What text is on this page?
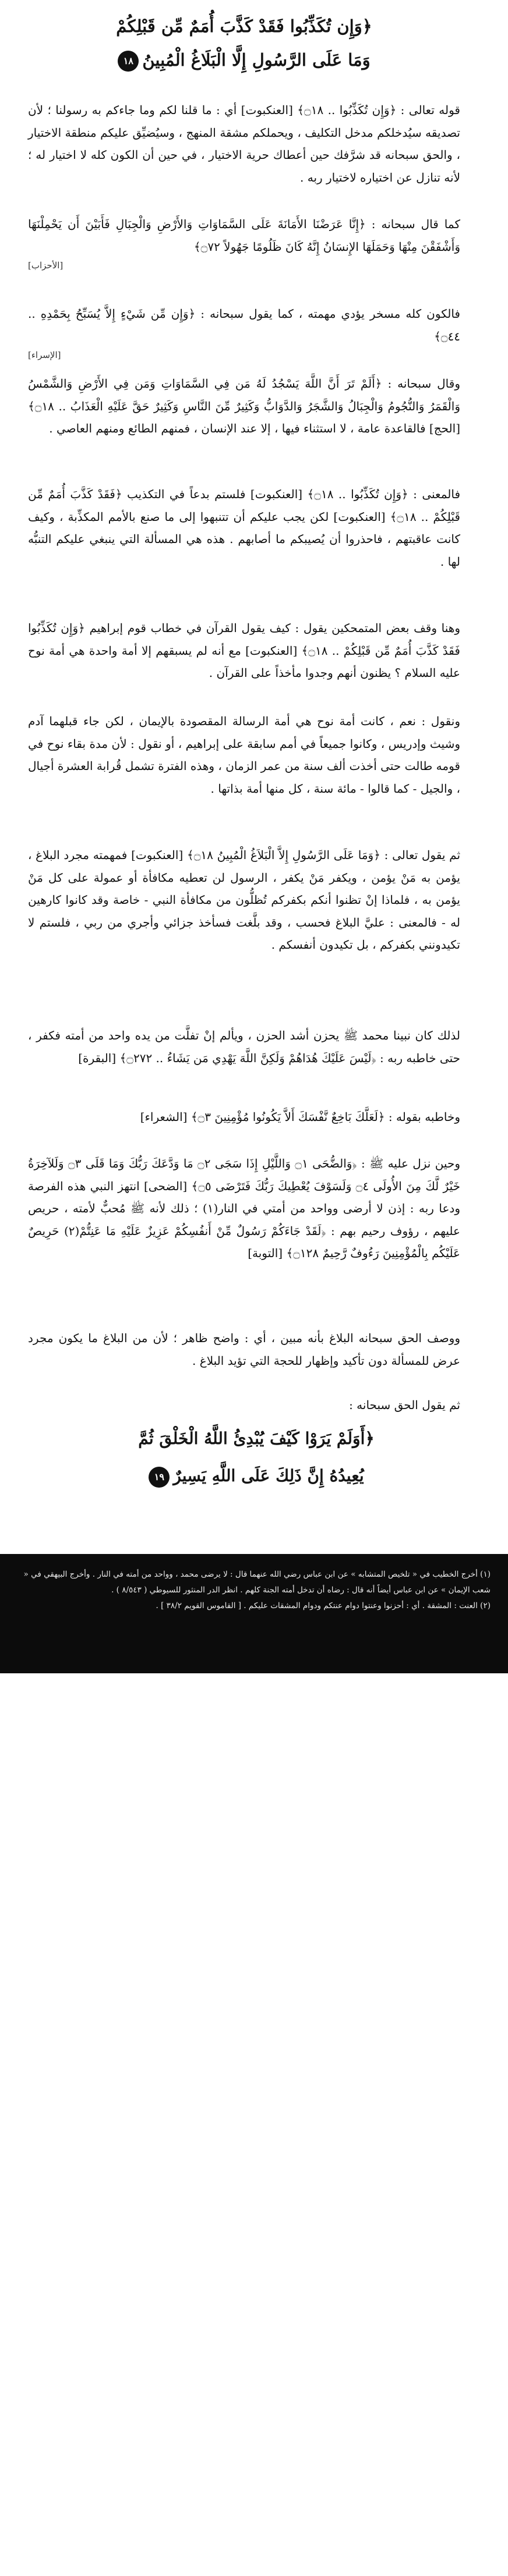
﴿وَإِن تُكَذِّبُوا فَقَدْ كَذَّبَ أُمَمٌ مِّن قَبْلِكُمْ
وَمَا عَلَى الرَّسُولِ إِلَّا الْبَلَاغُ الْمُبِينُ١٨

قوله تعالى : ﴿وَإِن تُكَذِّبُوا .. ۝١٨﴾ [العنكبوت] أي : ما قلنا لكم وما جاءكم به رسولنا ؛ لأن تصديقه سيُدخلكم مدخل التكليف ، ويحملكم مشقة المنهج ، وسيُضيِّق عليكم منطقة الاختيار ، والحق سبحانه قد شرَّفك حين أعطاك حرية الاختيار ، في حين أن الكون كله لا اختيار له ؛ لأنه تنازل عن اختياره لاختيار ربه .

كما قال سبحانه : ﴿إِنَّا عَرَضْنَا الأَمَانَةَ عَلَى السَّمَاوَاتِ وَالأَرْضِ وَالْجِبَالِ فَأَبَيْنَ أَن يَحْمِلْنَهَا وَأَشْفَقْنَ مِنْهَا وَحَمَلَهَا الإِنسَانُ إِنَّهُ كَانَ ظَلُومًا جَهُولاً ۝٧٢﴾

[الأحزاب]

فالكون كله مسخر يؤدي مهمته ، كما يقول سبحانه : ﴿وَإِن مِّن شَيْءٍ إِلاَّ يُسَبِّحُ بِحَمْدِهِ .. ۝٤٤﴾

[الإسراء]

وقال سبحانه : ﴿أَلَمْ تَرَ أَنَّ اللَّهَ يَسْجُدُ لَهُ مَن فِي السَّمَاوَاتِ وَمَن فِي الأَرْضِ وَالشَّمْسُ وَالْقَمَرُ وَالنُّجُومُ وَالْجِبَالُ وَالشَّجَرُ وَالدَّوَابُّ وَكَثِيرٌ مِّنَ النَّاسِ وَكَثِيرٌ حَقَّ عَلَيْهِ الْعَذَابُ .. ۝١٨﴾ [الحج] فالقاعدة عامة ، لا استثناء فيها ، إلا عند الإنسان ، فمنهم الطائع ومنهم العاصي .

فالمعنى : ﴿وَإِن تُكَذِّبُوا .. ۝١٨﴾ [العنكبوت] فلستم بدعاً في التكذيب ﴿فَقَدْ كَذَّبَ أُمَمٌ مِّن قَبْلِكُمْ .. ۝١٨﴾ [العنكبوت] لكن يجب عليكم أن تتنبهوا إلى ما صنع بالأمم المكذِّبة ، وكيف كانت عاقبتهم ، فاحذروا أن يُصيبكم ما أصابهم . هذه هي المسألة التي ينبغي عليكم التنبُّه لها .

وهنا وقف بعض المتمحكين يقول : كيف يقول القرآن في خطاب قوم إبراهيم ﴿وَإِن تُكَذِّبُوا فَقَدْ كَذَّبَ أُمَمٌ مِّن قَبْلِكُمْ .. ۝١٨﴾ [العنكبوت] مع أنه لم يسبقهم إلا أمة واحدة هي أمة نوح عليه السلام ؟ يظنون أنهم وجدوا مأخذاً على القرآن .

ونقول : نعم ، كانت أمة نوح هي أمة الرسالة المقصودة بالإيمان ، لكن جاء قبلهما آدم وشيث وإدريس ، وكانوا جميعاً في أمم سابقة على إبراهيم ، أو نقول : لأن مدة بقاء نوح في قومه طالت حتى أخذت ألف سنة من عمر الزمان ، وهذه الفترة تشمل قُرابة العشرة أجيال ، والجيل - كما قالوا - مائة سنة ، كل منها أمة بذاتها .

ثم يقول تعالى : ﴿وَمَا عَلَى الرَّسُولِ إِلاَّ الْبَلاَغُ الْمُبِينُ ۝١٨﴾ [العنكبوت] فمهمته مجرد البلاغ ، يؤمن به مَنْ يؤمن ، ويكفر مَنْ يكفر ، الرسول لن تعطيه مكافأة أو عمولة على كل مَنْ يؤمن به ، فلماذا إنْ تظنوا أنكم بكفركم تُظلُّون من مكافأة النبي - خاصة وقد كانوا كارهين له - فالمعنى : عليَّ البلاغ فحسب ، وقد بلَّغت فسأخذ جزائي وأجري من ربي ، فلستم لا تكيدونني بكفركم ، بل تكيدون أنفسكم .

لذلك كان نبينا محمد ﷺ يحزن أشد الحزن ، ويألم إنْ تفلَّت من يده واحد من أمته فكفر ، حتى خاطبه ربه : ﴿لَيْسَ عَلَيْكَ هُدَاهُمْ وَلَكِنَّ اللَّهَ يَهْدِي مَن يَشَاءُ .. ۝٢٧٢﴾ [البقرة]

وخاطبه بقوله : ﴿لَعَلَّكَ بَاخِعٌ نَّفْسَكَ أَلاَّ يَكُونُوا مُؤْمِنِينَ ۝٣﴾ [الشعراء]

وحين نزل عليه ﷺ : ﴿وَالضُّحَى ۝١ وَاللَّيْلِ إِذَا سَجَى ۝٢ مَا وَدَّعَكَ رَبُّكَ وَمَا قَلَى ۝٣ وَلَلآخِرَةُ خَيْرٌ لَّكَ مِنَ الأُولَى ۝٤ وَلَسَوْفَ يُعْطِيكَ رَبُّكَ فَتَرْضَى ۝٥﴾ [الضحى] انتهز النبي هذه الفرصة ودعا ربه : إذن لا أرضى وواحد من أمتي في النار(١) ؛ ذلك لأنه ﷺ مُحبٌّ لأمته ، حريص عليهم ، رؤوف رحيم بهم : ﴿لَقَدْ جَاءَكُمْ رَسُولٌ مِّنْ أَنفُسِكُمْ عَزِيزٌ عَلَيْهِ مَا عَنِتُّمْ(٢) حَرِيصٌ عَلَيْكُم بِالْمُؤْمِنِينَ رَءُوفٌ رَّحِيمٌ ۝١٢٨﴾ [التوبة]

ووصف الحق سبحانه البلاغ بأنه مبين ، أي : واضح ظاهر ؛ لأن من البلاغ ما يكون مجرد عرض للمسألة دون تأكيد وإظهار للحجة التي تؤيد البلاغ .

ثم يقول الحق سبحانه :

﴿أَوَلَمْ يَرَوْا كَيْفَ يُبْدِئُ اللَّهُ الْخَلْقَ ثُمَّ
يُعِيدُهُ إِنَّ ذَلِكَ عَلَى اللَّهِ يَسِيرٌ١٩

(١) أخرج الخطيب في « تلخيص المتشابه » عن ابن عباس رضي الله عنهما قال : لا يرضى محمد ، وواحد من أمته في النار . وأخرج البيهقي في « شعب الإيمان » عن ابن عباس أيضاً أنه قال : رضاه أن تدخل أمته الجنة كلهم . انظر الدر المنثور للسيوطي ( ٨/٥٤٣ ) .

(٢) العنت : المشقة . أي : أحزنوا وعنتوا دوام عنتكم ودوام المشقات عليكم . [ القاموس القويم ٣٨/٢ ] .
